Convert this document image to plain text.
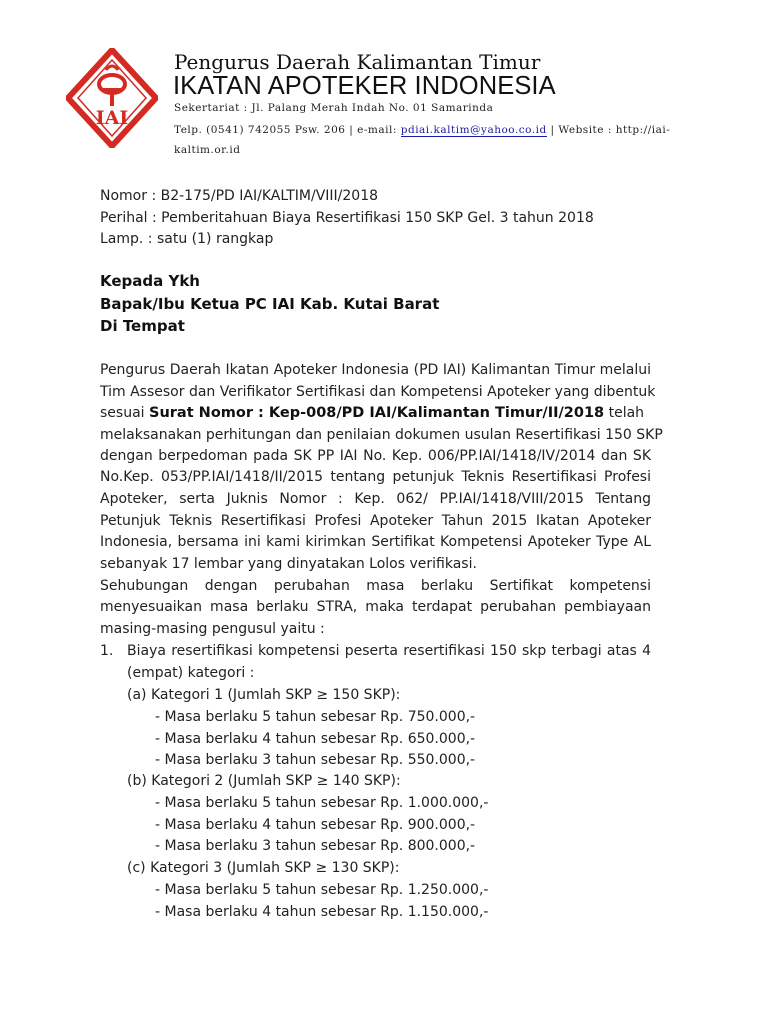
IAI
Pengurus Daerah Kalimantan Timur
IKATAN APOTEKER INDONESIA
Sekertariat : Jl. Palang Merah Indah No. 01 Samarinda
Telp. (0541) 742055 Psw. 206 | e-mail: pdiai.kaltim@yahoo.co.id | Website : http://iai-
kaltim.or.id
Nomor : B2-175/PD IAI/KALTIM/VIII/2018
Perihal : Pemberitahuan Biaya Resertifikasi 150 SKP Gel. 3 tahun 2018
Lamp. : satu (1) rangkap
Kepada Ykh
Bapak/Ibu Ketua PC IAI Kab. Kutai Barat
Di Tempat
Pengurus Daerah Ikatan Apoteker Indonesia (PD IAI) Kalimantan Timur melalui
Tim Assesor dan Verifikator Sertifikasi dan Kompetensi Apoteker yang dibentuk
sesuai Surat Nomor : Kep-008/PD IAI/Kalimantan Timur/II/2018 telah
melaksanakan perhitungan dan penilaian dokumen usulan Resertifikasi 150 SKP
dengan berpedoman pada SK PP IAI No. Kep. 006/PP.IAI/1418/IV/2014 dan SK
No.Kep. 053/PP.IAI/1418/II/2015 tentang petunjuk Teknis Resertifikasi Profesi
Apoteker, serta Juknis Nomor : Kep. 062/ PP.IAI/1418/VIII/2015 Tentang
Petunjuk Teknis Resertifikasi Profesi Apoteker Tahun 2015 Ikatan Apoteker
Indonesia, bersama ini kami kirimkan Sertifikat Kompetensi Apoteker Type AL
sebanyak 17 lembar yang dinyatakan Lolos verifikasi.
Sehubungan dengan perubahan masa berlaku Sertifikat kompetensi
menyesuaikan masa berlaku STRA, maka terdapat perubahan pembiayaan
masing-masing pengusul yaitu :
1. Biaya resertifikasi kompetensi peserta resertifikasi 150 skp terbagi atas 4
(empat) kategori :
(a) Kategori 1 (Jumlah SKP ≥ 150 SKP):
- Masa berlaku 5 tahun sebesar Rp. 750.000,-
- Masa berlaku 4 tahun sebesar Rp. 650.000,-
- Masa berlaku 3 tahun sebesar Rp. 550.000,-
(b) Kategori 2 (Jumlah SKP ≥ 140 SKP):
- Masa berlaku 5 tahun sebesar Rp. 1.000.000,-
- Masa berlaku 4 tahun sebesar Rp. 900.000,-
- Masa berlaku 3 tahun sebesar Rp. 800.000,-
(c) Kategori 3 (Jumlah SKP ≥ 130 SKP):
- Masa berlaku 5 tahun sebesar Rp. 1.250.000,-
- Masa berlaku 4 tahun sebesar Rp. 1.150.000,-
